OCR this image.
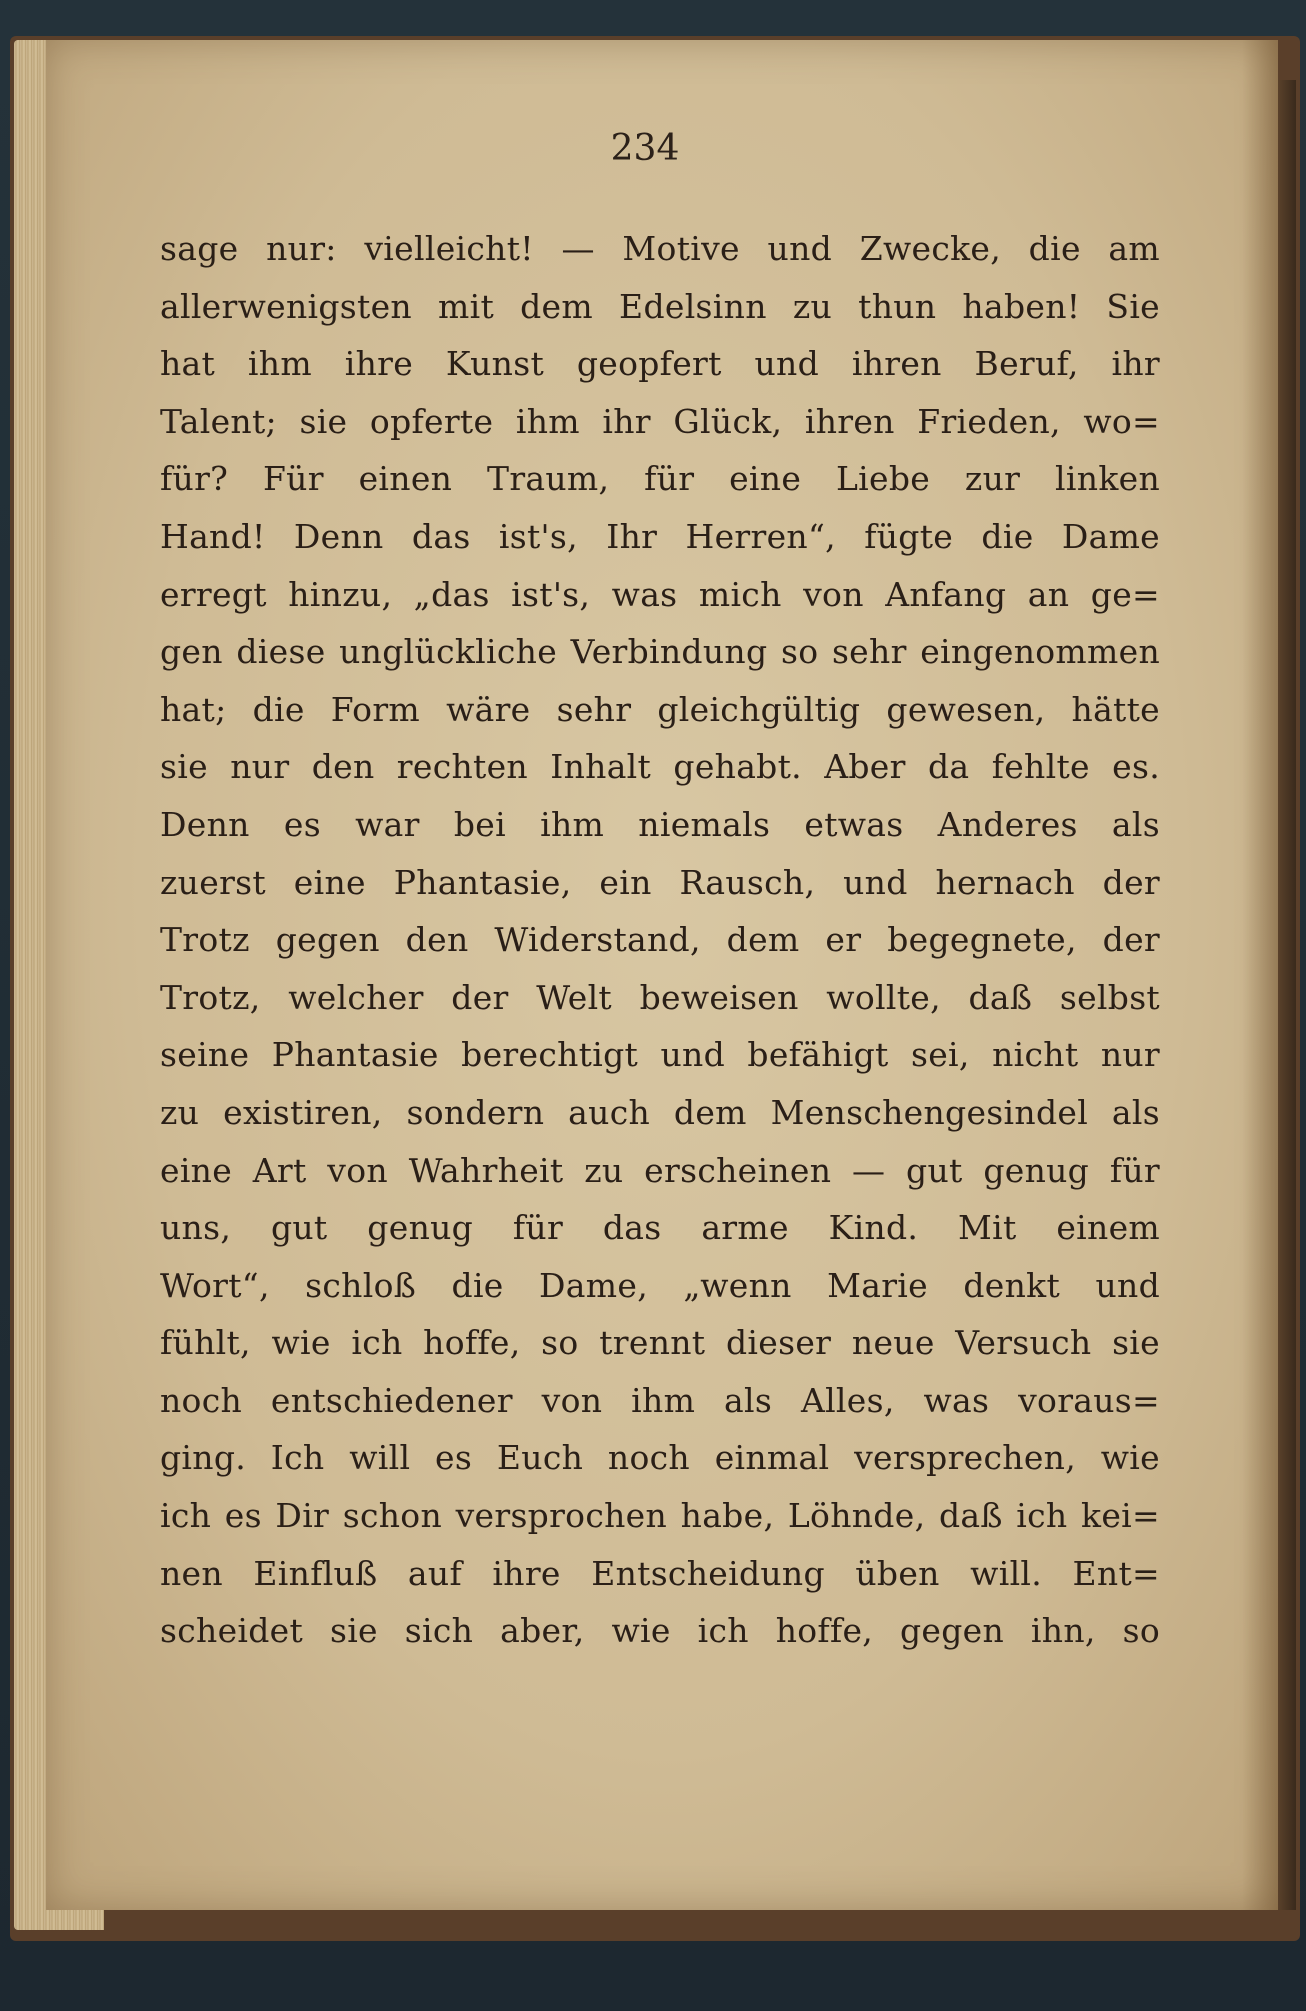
234

sage nur: vielleicht! — Motive und Zwecke, die am
allerwenigsten mit dem Edelsinn zu thun haben! Sie
hat ihm ihre Kunst geopfert und ihren Beruf, ihr
Talent; sie opferte ihm ihr Glück, ihren Frieden, wo=
für? Für einen Traum, für eine Liebe zur linken
Hand! Denn das ist's, Ihr Herren“, fügte die Dame
erregt hinzu, „das ist's, was mich von Anfang an ge=
gen diese unglückliche Verbindung so sehr eingenommen
hat; die Form wäre sehr gleichgültig gewesen, hätte
sie nur den rechten Inhalt gehabt. Aber da fehlte es.
Denn es war bei ihm niemals etwas Anderes als
zuerst eine Phantasie, ein Rausch, und hernach der
Trotz gegen den Widerstand, dem er begegnete, der
Trotz, welcher der Welt beweisen wollte, daß selbst
seine Phantasie berechtigt und befähigt sei, nicht nur
zu existiren, sondern auch dem Menschengesindel als
eine Art von Wahrheit zu erscheinen — gut genug für
uns, gut genug für das arme Kind. Mit einem
Wort“, schloß die Dame, „wenn Marie denkt und
fühlt, wie ich hoffe, so trennt dieser neue Versuch sie
noch entschiedener von ihm als Alles, was voraus=
ging. Ich will es Euch noch einmal versprechen, wie
ich es Dir schon versprochen habe, Löhnde, daß ich kei=
nen Einfluß auf ihre Entscheidung üben will. Ent=
scheidet sie sich aber, wie ich hoffe, gegen ihn, so
